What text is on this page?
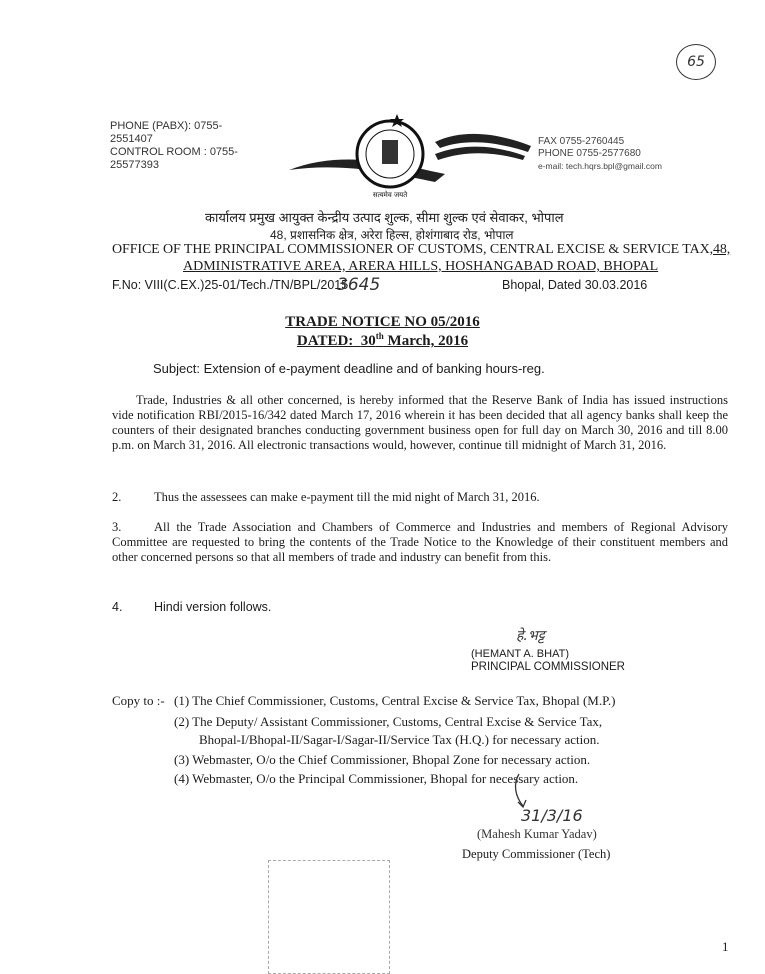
65
PHONE (PABX): 0755-
2551407
CONTROL ROOM : 0755-
25577393
सत्यमेव जयते
FAX 0755-2760445
PHONE 0755-2577680
e-mail: tech.hqrs.bpl@gmail.com
कार्यालय प्रमुख आयुक्त केन्द्रीय उत्पाद शुल्क, सीमा शुल्क एवं सेवाकर, भोपाल
48, प्रशासनिक क्षेत्र, अरेरा हिल्स, होशंगाबाद रोड, भोपाल
OFFICE OF THE PRINCIPAL COMMISSIONER OF CUSTOMS, CENTRAL EXCISE & SERVICE TAX,48,
ADMINISTRATIVE AREA, ARERA HILLS, HOSHANGABAD ROAD, BHOPAL
F.No: VIII(C.EX.)25-01/Tech./TN/BPL/2015
3645	Bhopal, Dated 30.03.2016
TRADE NOTICE NO 05/2016
DATED: 30th March, 2016
Subject: Extension of e-payment deadline and of banking hours-reg.
Trade, Industries & all other concerned, is hereby informed that the Reserve Bank of India has issued instructions vide notification RBI/2015-16/342 dated March 17, 2016 wherein it has been decided that all agency banks shall keep the counters of their designated branches conducting government business open for full day on March 30, 2016 and till 8.00 p.m. on March 31, 2016. All electronic transactions would, however, continue till midnight of March 31, 2016.
2.	Thus the assessees can make e-payment till the mid night of March 31, 2016.
3.	All the Trade Association and Chambers of Commerce and Industries and members of Regional Advisory Committee are requested to bring the contents of the Trade Notice to the Knowledge of their constituent members and other concerned persons so that all members of trade and industry can benefit from this.
4.	Hindi version follows.
हे.भट्ट
(HEMANT A. BHAT)
PRINCIPAL COMMISSIONER
Copy to :- (1) The Chief Commissioner, Customs, Central Excise & Service Tax, Bhopal (M.P.)
(2) The Deputy/ Assistant Commissioner, Customs, Central Excise & Service Tax,
Bhopal-I/Bhopal-II/Sagar-I/Sagar-II/Service Tax (H.Q.) for necessary action.
(3) Webmaster, O/o the Chief Commissioner, Bhopal Zone for necessary action.
(4) Webmaster, O/o the Principal Commissioner, Bhopal for necessary action.
31/3/16
(Mahesh Kumar Yadav)
Deputy Commissioner (Tech)
1
